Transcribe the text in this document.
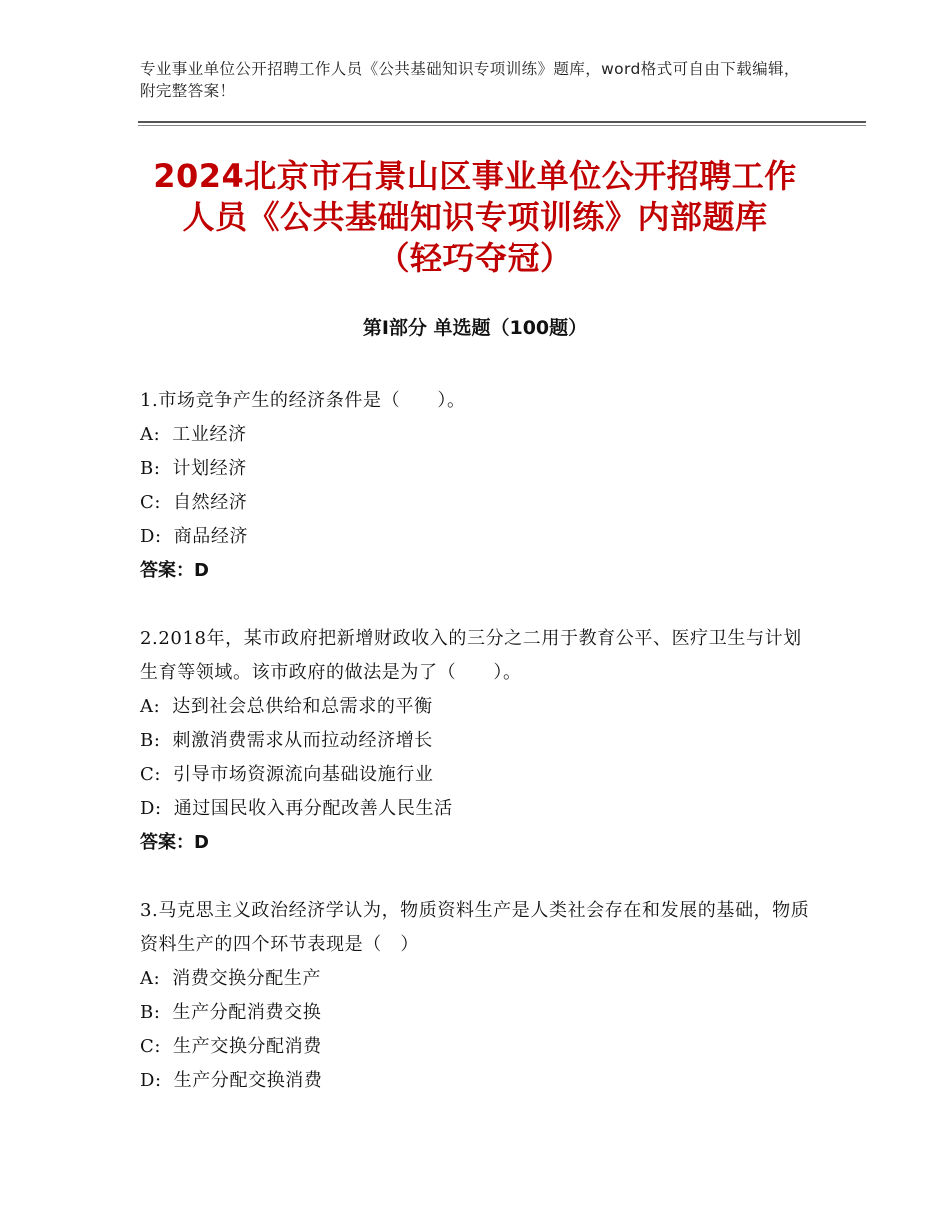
专业事业单位公开招聘工作人员《公共基础知识专项训练》题库，word格式可自由下载编辑，附完整答案！
2024北京市石景山区事业单位公开招聘工作
人员《公共基础知识专项训练》内部题库
（轻巧夺冠）
第Ⅰ部分 单选题（100题）
1.市场竞争产生的经济条件是（　　）。
A: 工业经济
B: 计划经济
C: 自然经济
D: 商品经济
答案：D
2.2018年，某市政府把新增财政收入的三分之二用于教育公平、医疗卫生与计划生育等领域。该市政府的做法是为了（　　）。
A: 达到社会总供给和总需求的平衡
B: 刺激消费需求从而拉动经济增长
C: 引导市场资源流向基础设施行业
D: 通过国民收入再分配改善人民生活
答案：D
3.马克思主义政治经济学认为，物质资料生产是人类社会存在和发展的基础，物质资料生产的四个环节表现是（　）
A: 消费交换分配生产
B: 生产分配消费交换
C: 生产交换分配消费
D: 生产分配交换消费
